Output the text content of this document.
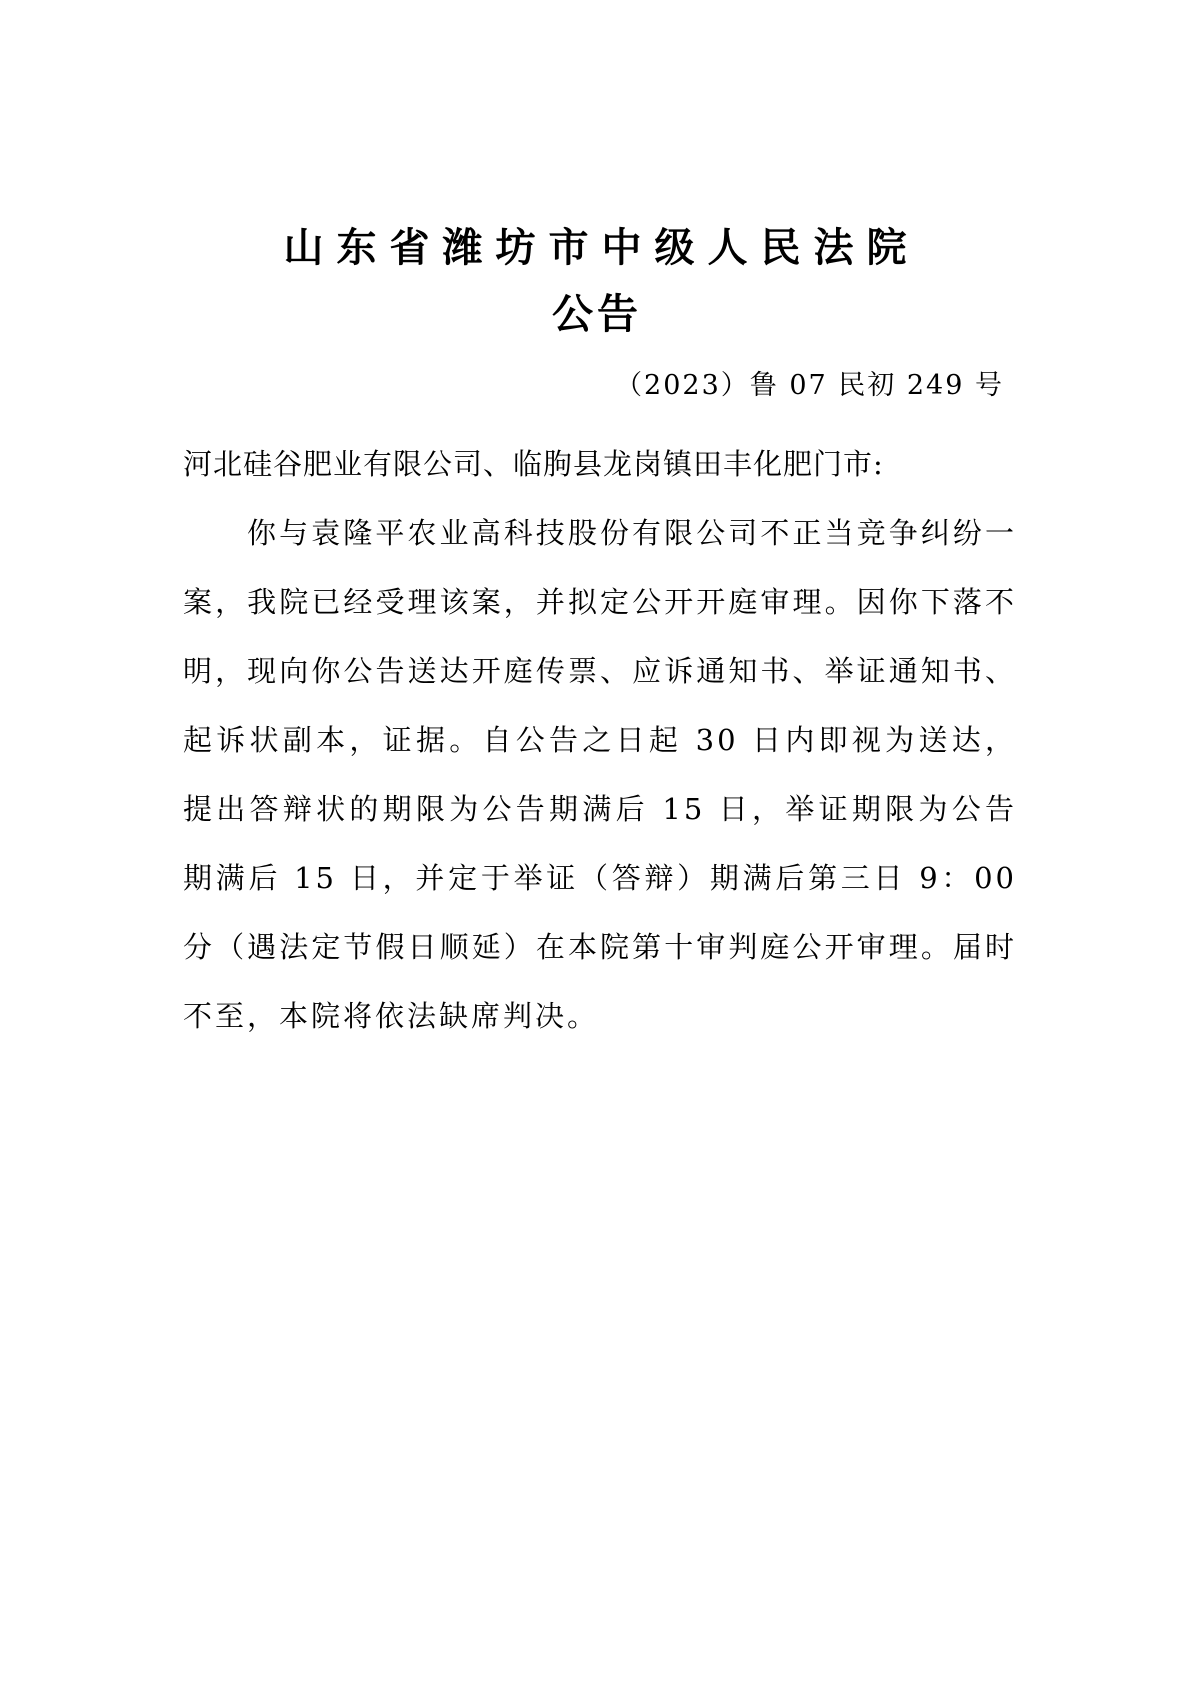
山东省潍坊市中级人民法院
公告
（2023）鲁 07 民初 249 号

河北硅谷肥业有限公司、临朐县龙岗镇田丰化肥门市:

你与袁隆平农业高科技股份有限公司不正当竞争纠纷一案，我院已经受理该案，并拟定公开开庭审理。因你下落不明，现向你公告送达开庭传票、应诉通知书、举证通知书、起诉状副本，证据。自公告之日起 30 日内即视为送达，提出答辩状的期限为公告期满后 15 日，举证期限为公告期满后 15 日，并定于举证（答辩）期满后第三日 9：00分（遇法定节假日顺延）在本院第十审判庭公开审理。届时不至，本院将依法缺席判决。
